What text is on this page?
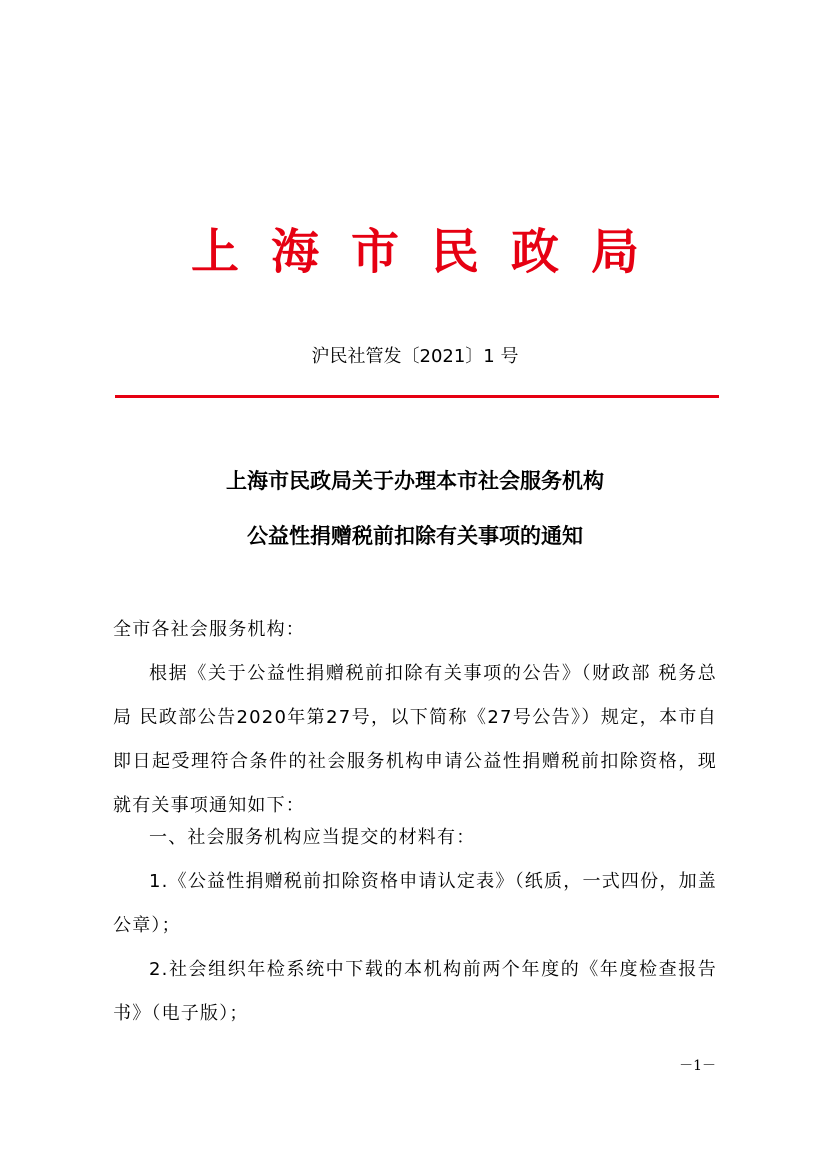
上海市民政局
沪民社管发〔2021〕1 号
上海市民政局关于办理本市社会服务机构
公益性捐赠税前扣除有关事项的通知
全市各社会服务机构：
根据《关于公益性捐赠税前扣除有关事项的公告》（财政部 税务总局 民政部公告2020年第27号，以下简称《27号公告》）规定，本市自即日起受理符合条件的社会服务机构申请公益性捐赠税前扣除资格，现就有关事项通知如下：
一、社会服务机构应当提交的材料有：
1.《公益性捐赠税前扣除资格申请认定表》（纸质，一式四份，加盖公章）；
2.社会组织年检系统中下载的本机构前两个年度的《年度检查报告书》（电子版）；
－1－
